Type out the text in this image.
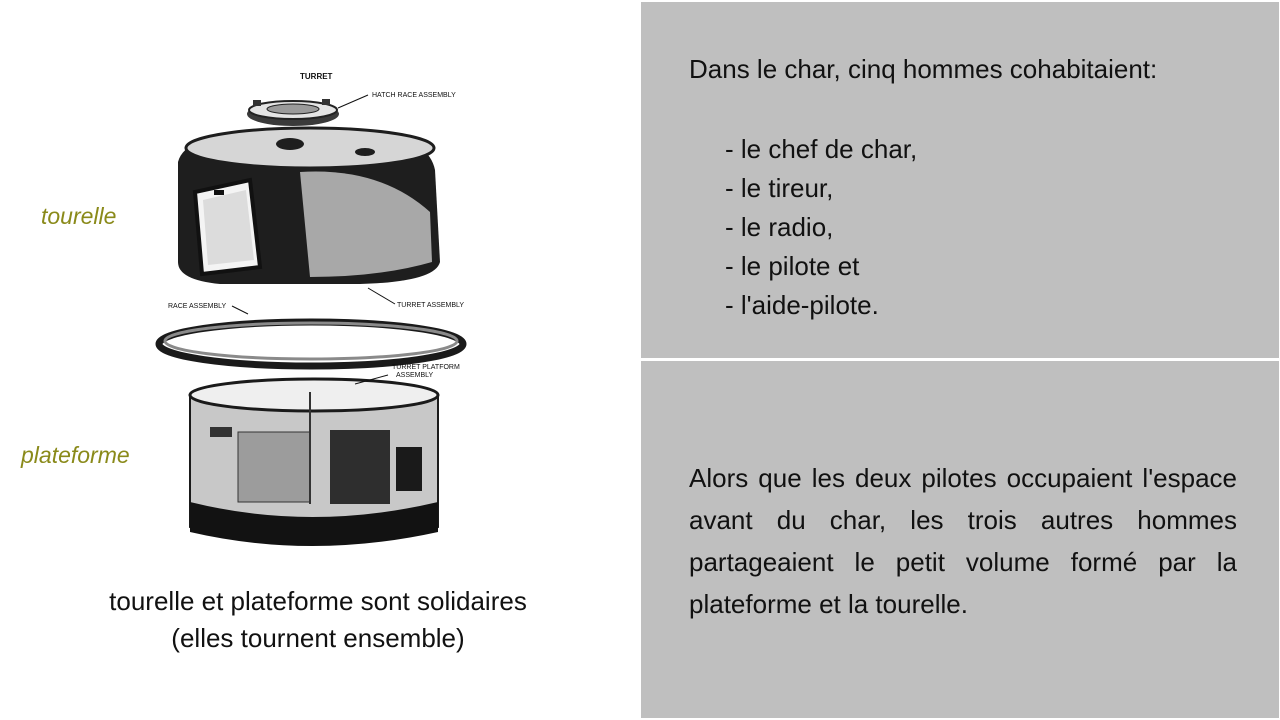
tourelle
plateforme
TURRET
HATCH RACE ASSEMBLY
TURRET ASSEMBLY
RACE ASSEMBLY
TURRET PLATFORM
ASSEMBLY

tourelle et plateforme sont solidaires

(elles tournent ensemble)

Dans le char, cinq hommes cohabitaient:

- le chef de char,
- le tireur,
- le radio,
- le pilote et
- l'aide-pilote.

Alors que les deux pilotes occupaient l'espace avant du char, les trois autres hommes partageaient le petit volume formé par la plateforme et la tourelle.
